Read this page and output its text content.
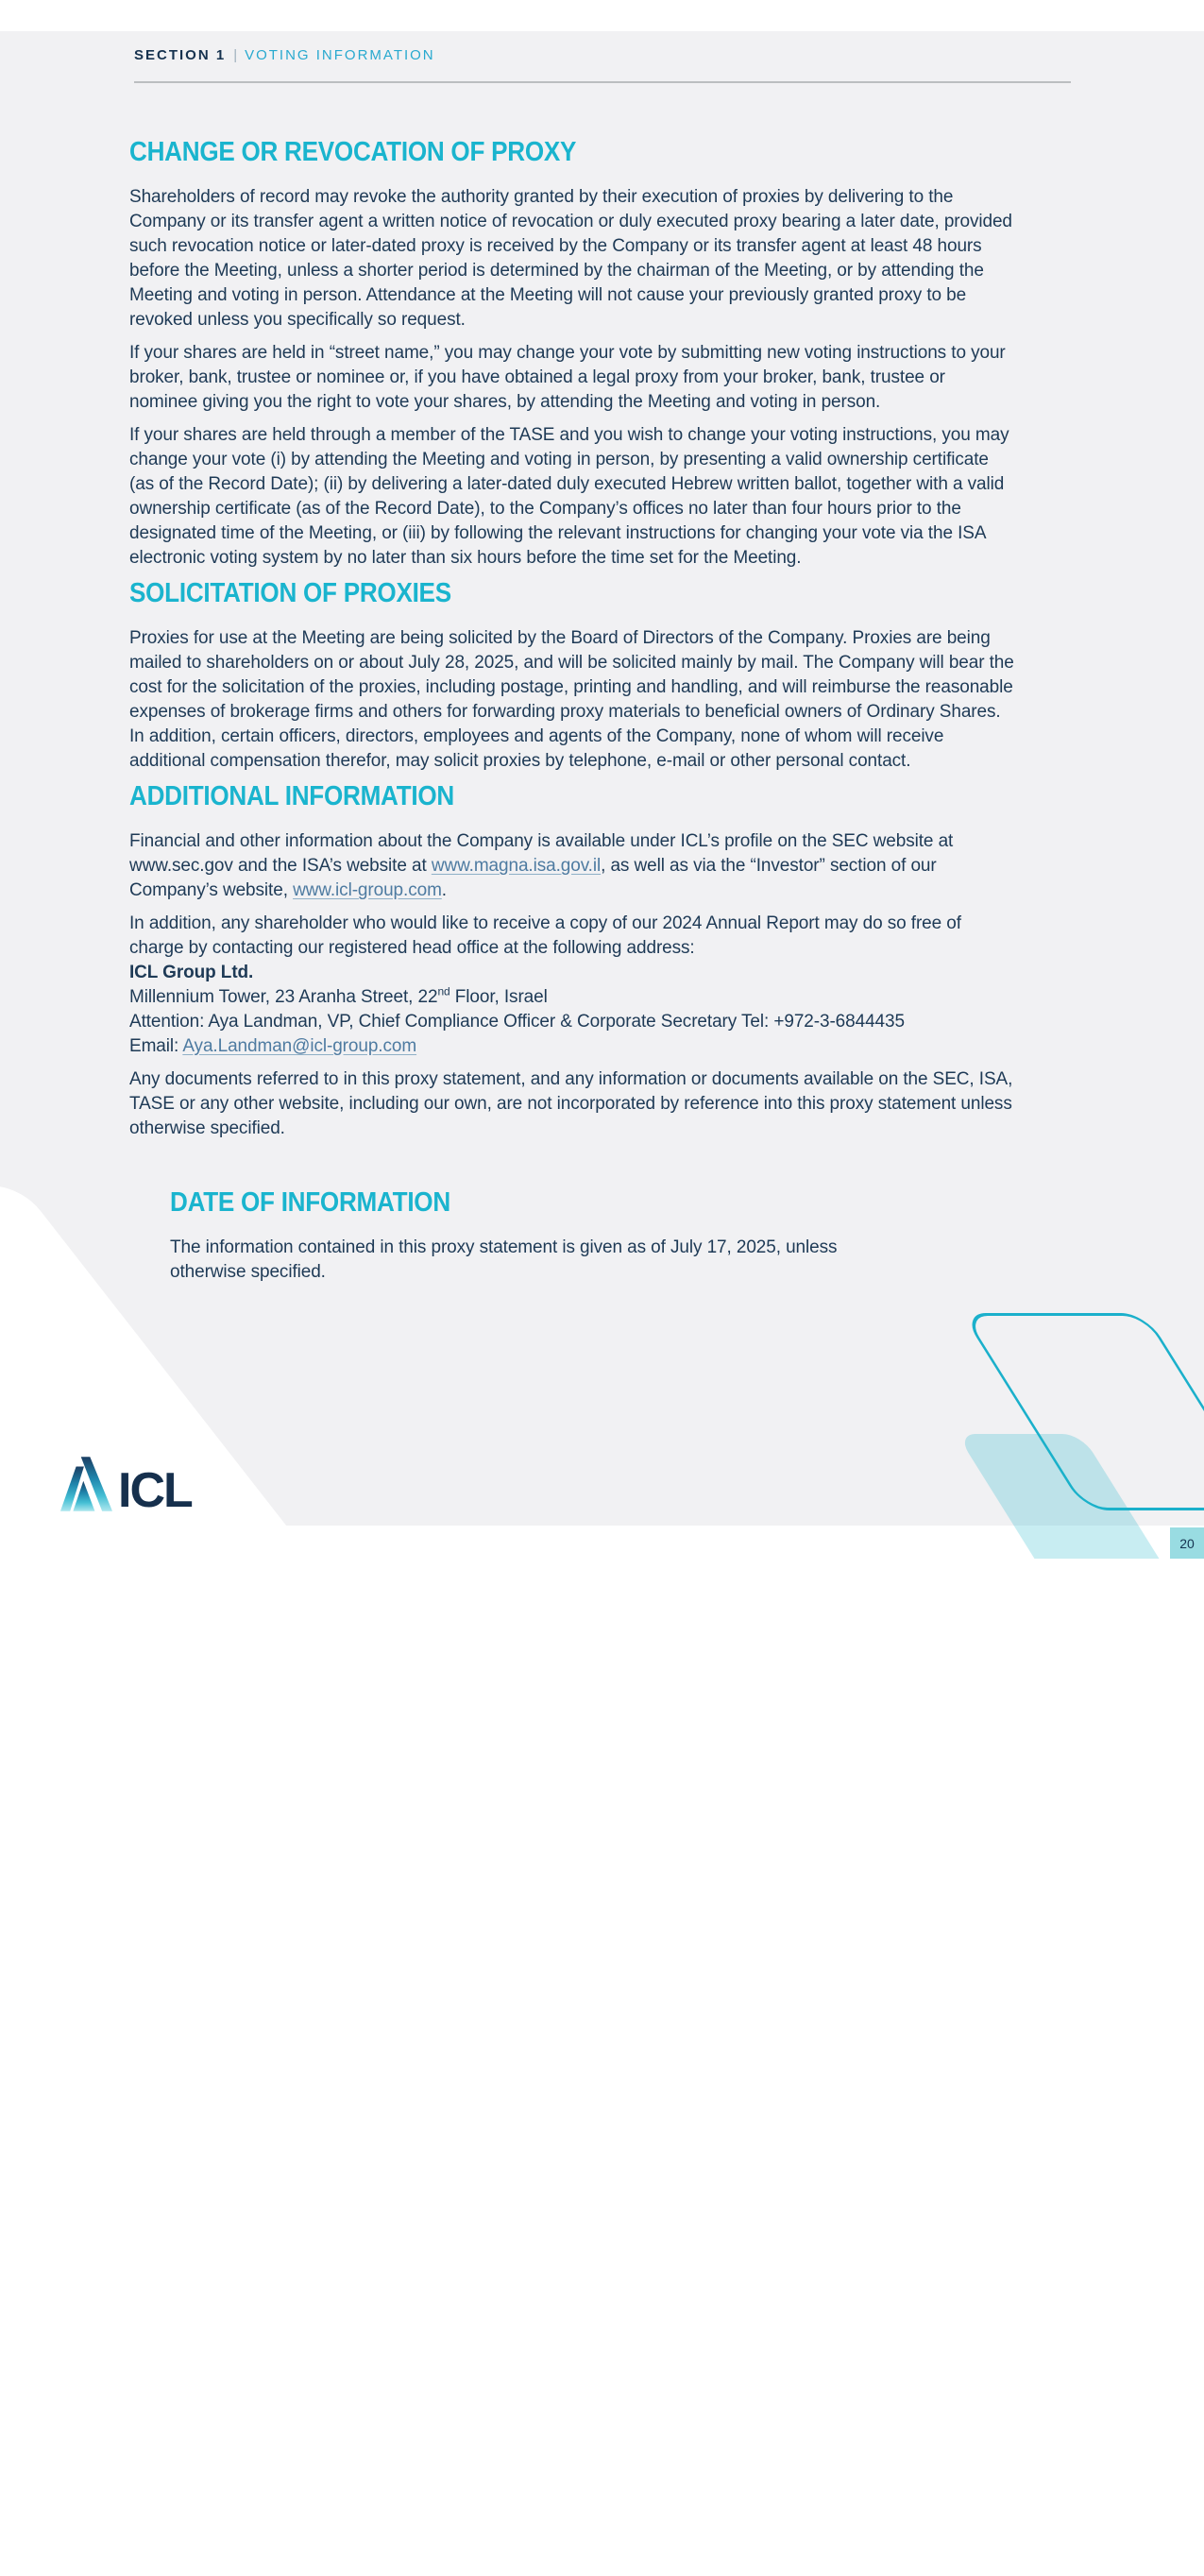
SECTION 1 | VOTING INFORMATION
CHANGE OR REVOCATION OF PROXY

Shareholders of record may revoke the authority granted by their execution of proxies by delivering to the Company or its transfer agent a written notice of revocation or duly executed proxy bearing a later date, provided such revocation notice or later-dated proxy is received by the Company or its transfer agent at least 48 hours before the Meeting, unless a shorter period is determined by the chairman of the Meeting, or by attending the Meeting and voting in person. Attendance at the Meeting will not cause your previously granted proxy to be revoked unless you specifically so request.

If your shares are held in “street name,” you may change your vote by submitting new voting instructions to your broker, bank, trustee or nominee or, if you have obtained a legal proxy from your broker, bank, trustee or nominee giving you the right to vote your shares, by attending the Meeting and voting in person.

If your shares are held through a member of the TASE and you wish to change your voting instructions, you may change your vote (i) by attending the Meeting and voting in person, by presenting a valid ownership certificate (as of the Record Date); (ii) by delivering a later-dated duly executed Hebrew written ballot, together with a valid ownership certificate (as of the Record Date), to the Company’s offices no later than four hours prior to the designated time of the Meeting, or (iii) by following the relevant instructions for changing your vote via the ISA electronic voting system by no later than six hours before the time set for the Meeting.

SOLICITATION OF PROXIES

Proxies for use at the Meeting are being solicited by the Board of Directors of the Company. Proxies are being mailed to shareholders on or about July 28, 2025, and will be solicited mainly by mail. The Company will bear the cost for the solicitation of the proxies, including postage, printing and handling, and will reimburse the reasonable expenses of brokerage firms and others for forwarding proxy materials to beneficial owners of Ordinary Shares. In addition, certain officers, directors, employees and agents of the Company, none of whom will receive additional compensation therefor, may solicit proxies by telephone, e-mail or other personal contact.

ADDITIONAL INFORMATION

Financial and other information about the Company is available under ICL’s profile on the SEC website at www.sec.gov and the ISA’s website at www.magna.isa.gov.il, as well as via the “Investor” section of our Company’s website, www.icl-group.com.

In addition, any shareholder who would like to receive a copy of our 2024 Annual Report may do so free of charge by contacting our registered head office at the following address:
ICL Group Ltd.
Millennium Tower, 23 Aranha Street, 22nd Floor, Israel
Attention: Aya Landman, VP, Chief Compliance Officer & Corporate Secretary Tel: +972-3-6844435
Email: Aya.Landman@icl-group.com

Any documents referred to in this proxy statement, and any information or documents available on the SEC, ISA, TASE or any other website, including our own, are not incorporated by reference into this proxy statement unless otherwise specified.

DATE OF INFORMATION

The information contained in this proxy statement is given as of July 17, 2025, unless otherwise specified.

ICL
20
